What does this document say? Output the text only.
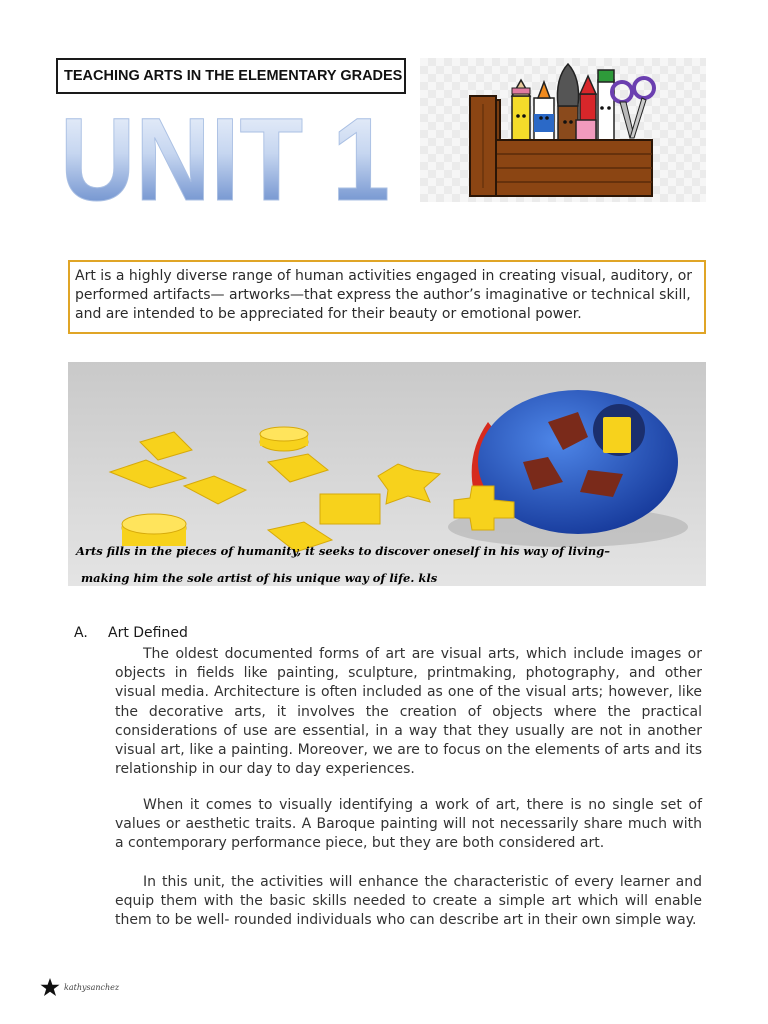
TEACHING ARTS IN THE ELEMENTARY GRADES
UNIT 1
Art is a highly diverse range of human activities engaged in creating visual, auditory, or performed artifacts— artworks—that express the author’s imaginative or technical skill, and are intended to be appreciated for their beauty or emotional power.
Arts fills in the pieces of humanity, it seeks to discover oneself in his way of living–
making him the sole artist of his unique way of life. kls
A. Art Defined

The oldest documented forms of art are visual arts, which include images or objects in fields like painting, sculpture, printmaking, photography, and other visual media. Architecture is often included as one of the visual arts; however, like the decorative arts, it involves the creation of objects where the practical considerations of use are essential, in a way that they usually are not in another visual art, like a painting. Moreover, we are to focus on the elements of arts and its relationship in our day to day experiences.

When it comes to visually identifying a work of art, there is no single set of values or aesthetic traits. A Baroque painting will not necessarily share much with a contemporary performance piece, but they are both considered art.

In this unit, the activities will enhance the characteristic of every learner and equip them with the basic skills needed to create a simple art which will enable them to be well- rounded individuals who can describe art in their own simple way.

kathysanchez
